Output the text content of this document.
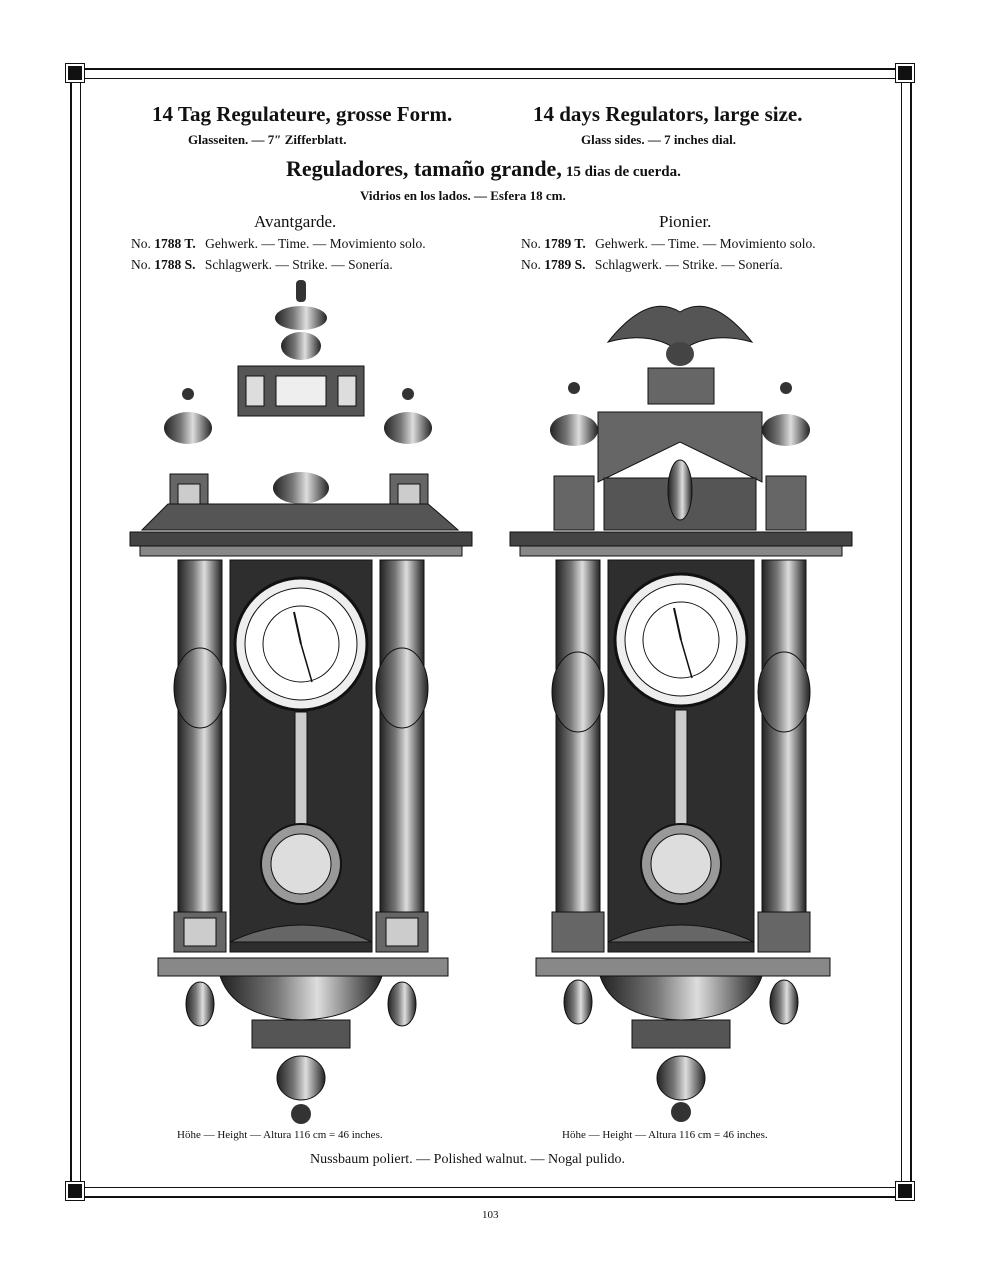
14 Tag Regulateure, grosse Form.
Glasseiten. — 7″ Zifferblatt.
14 days Regulators, large size.
Glass sides. — 7 inches dial.
Reguladores, tamaño grande, 15 dias de cuerda.
Vidrios en los lados. — Esfera 18 cm.
Avantgarde.	Pionier.
No. 1788 T. Gehwerk. — Time. — Movimiento solo.
No. 1788 S. Schlagwerk. — Strike. — Sonería.
No. 1789 T. Gehwerk. — Time. — Movimiento solo.
No. 1789 S. Schlagwerk. — Strike. — Sonería.
Höhe — Height — Altura 116 cm = 46 inches.	Höhe — Height — Altura 116 cm = 46 inches.
Nussbaum poliert. — Polished walnut. — Nogal pulido.
103
